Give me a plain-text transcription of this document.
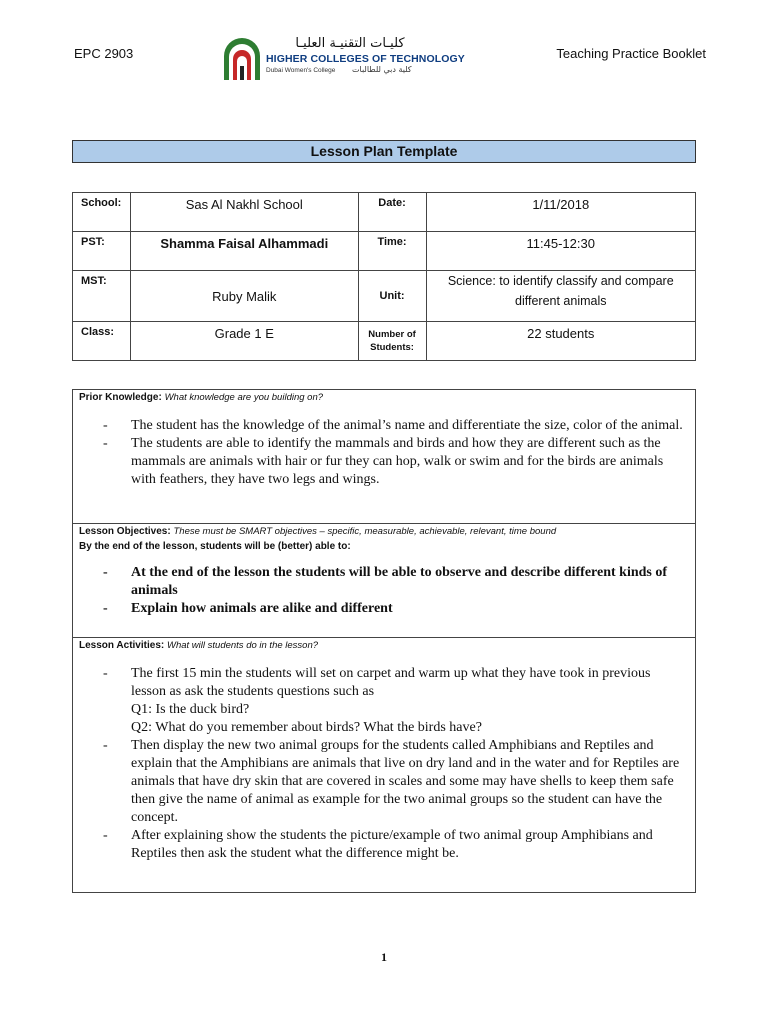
EPC 2903
كليـات التقنيـة العليـا
HIGHER COLLEGES OF TECHNOLOGY
Dubai Women's College كلية دبي للطالبات
Teaching Practice Booklet
Lesson Plan Template
School:	Sas Al Nakhl School	Date:	1/11/2018
PST:	Shamma Faisal Alhammadi	Time:	11:45-12:30
MST:	Ruby Malik	Unit:	Science: to identify classify and compare different animals
Class:	Grade 1 E	Number of Students:	22 students
Prior Knowledge: What knowledge are you building on?
- The student has the knowledge of the animal’s name and differentiate the size, color of the animal.
- The students are able to identify the mammals and birds and how they are different such as the mammals are animals with hair or fur they can hop, walk or swim and for the birds are animals with feathers, they have two legs and wings.
Lesson Objectives: These must be SMART objectives – specific, measurable, achievable, relevant, time bound
By the end of the lesson, students will be (better) able to:
- At the end of the lesson the students will be able to observe and describe different kinds of animals
- Explain how animals are alike and different
Lesson Activities: What will students do in the lesson?
- The first 15 min the students will set on carpet and warm up what they have took in previous lesson as ask the students questions such as
Q1: Is the duck bird?
Q2: What do you remember about birds? What the birds have?
- Then display the new two animal groups for the students called Amphibians and Reptiles and explain that the Amphibians are animals that live on dry land and in the water and for Reptiles are animals that have dry skin that are covered in scales and some may have shells to keep them safe then give the name of animal as example for the two animal groups so the student can have the concept.
- After explaining show the students the picture/example of two animal group Amphibians and Reptiles then ask the student what the difference might be.
1
